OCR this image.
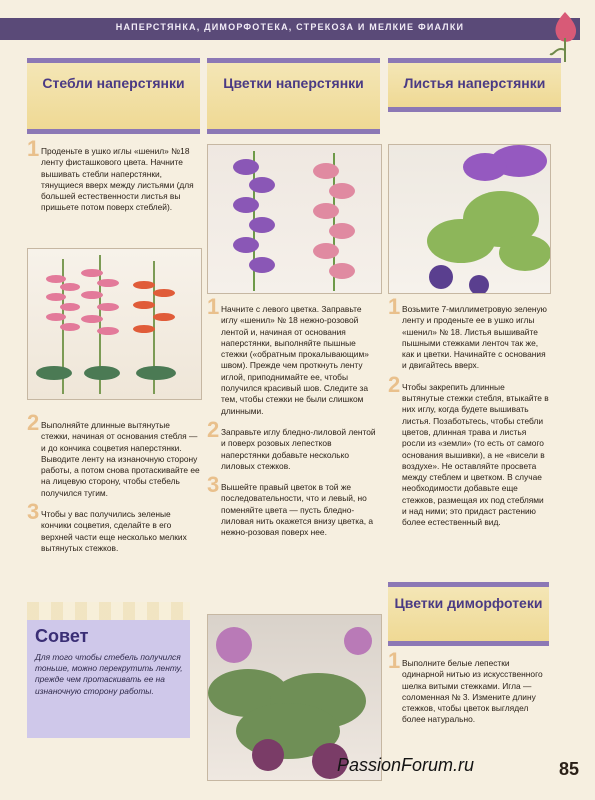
НАПЕРСТЯНКА, ДИМОРФОТЕКА, СТРЕКОЗА И МЕЛКИЕ ФИАЛКИ
Стебли наперстянки

1 Проденьте в ушко иглы «шенил» №18 ленту фисташкового цвета. Начните вышивать стебли наперстянки, тянущиеся вверх между листьями (для большей естественности листья вы пришьете потом поверх стеблей).

2 Выполняйте длинные вытянутые стежки, начиная от основания стебля — и до кончика соцветия наперстянки. Выводите ленту на изнаночную сторону работы, а потом снова протаскивайте ее на лицевую сторону, чтобы стебель получился тугим.

3 Чтобы у вас получились зеленые кончики соцветия, сделайте в его верхней части еще несколько мелких вытянутых стежков.

Совет

Для того чтобы стебель получился тоньше, можно перекрутить ленту, прежде чем протаскивать ее на изнаночную сторону работы.

Цветки наперстянки

1 Начните с левого цветка. Заправьте иглу «шенил» № 18 нежно-розовой лентой и, начиная от основания наперстянки, выполняйте пышные стежки («обратным прокалывающим» швом). Прежде чем проткнуть ленту иглой, приподнимайте ее, чтобы получился красивый шов. Следите за тем, чтобы стежки не были слишком длинными.

2 Заправьте иглу бледно-лиловой лентой и поверх розовых лепестков наперстянки добавьте несколько лиловых стежков.

3 Вышейте правый цветок в той же последовательности, что и левый, но поменяйте цвета — пусть бледно-лиловая нить окажется внизу цветка, а нежно-розовая поверх нее.

Листья наперстянки

1 Возьмите 7-миллиметровую зеленую ленту и проденьте ее в ушко иглы «шенил» № 18. Листья вышивайте пышными стежками ленточ так же, как и цветки. Начинайте с основания и двигайтесь вверх.

2 Чтобы закрепить длинные вытянутые стежки стебля, втыкайте в них иглу, когда будете вышивать листья. Позаботьтесь, чтобы стебли цветов, длинная трава и листья росли из «земли» (то есть от самого основания вышивки), а не «висели в воздухе». Не оставляйте просвета между стеблем и цветком. В случае необходимости добавьте еще стежков, размещая их под стеблями и над ними; это придаст растению более естественный вид.

Цветки диморфотеки

1 Выполните белые лепестки одинарной нитью из искусственного шелка витыми стежками. Игла — соломенная № 3. Измените длину стежков, чтобы цветок выглядел более натурально.

PassionForum.ru	85
